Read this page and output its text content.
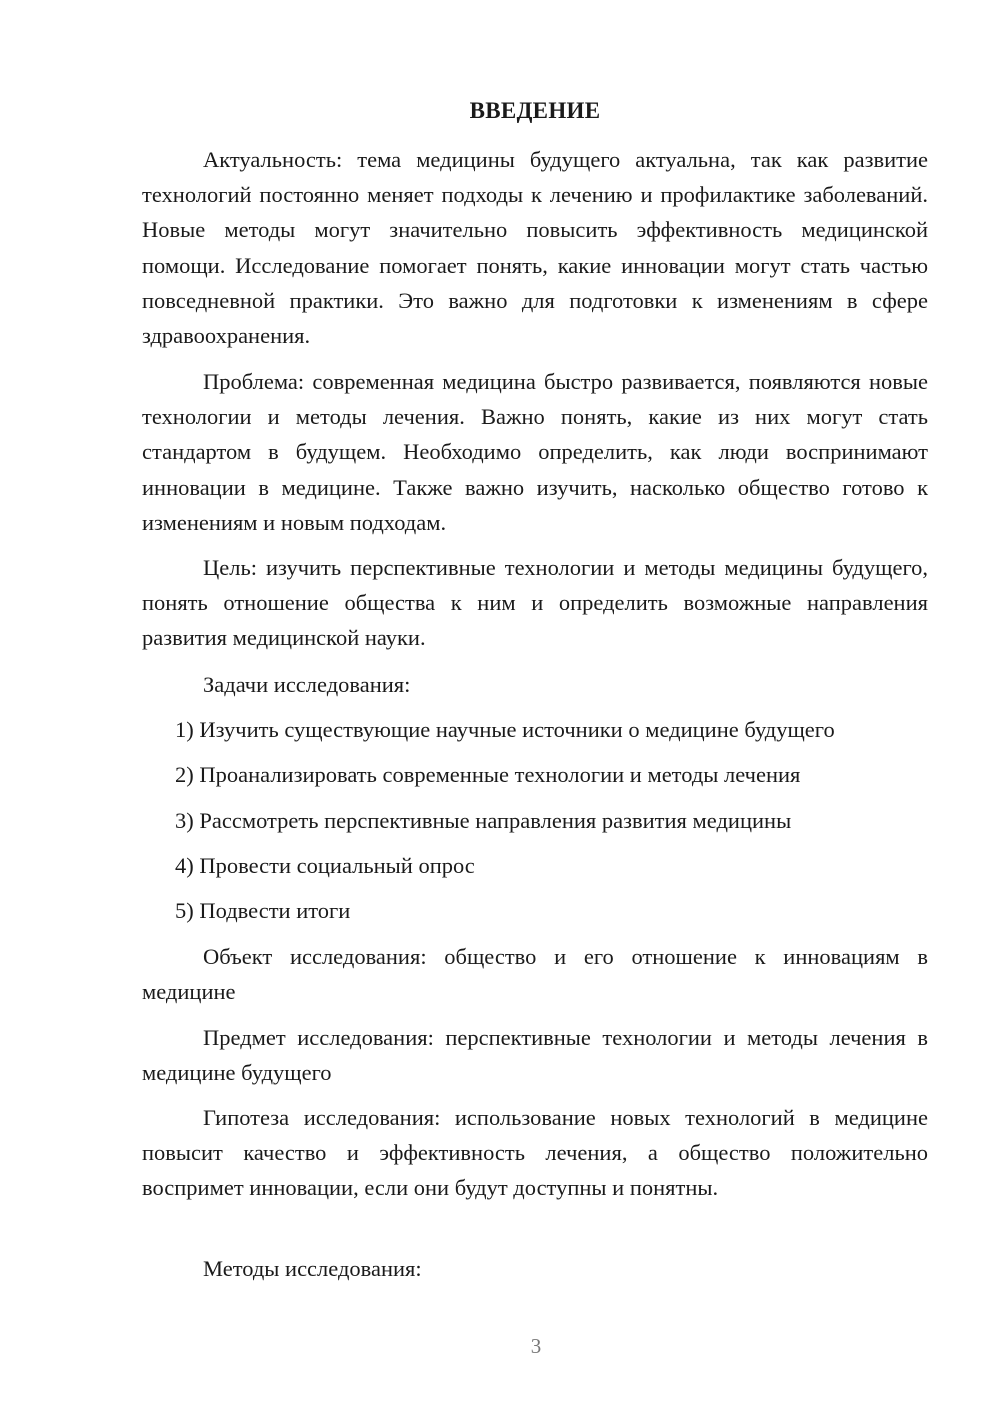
ВВЕДЕНИЕ

Актуальность: тема медицины будущего актуальна, так как развитие технологий постоянно меняет подходы к лечению и профилактике заболеваний. Новые методы могут значительно повысить эффективность медицинской помощи. Исследование помогает понять, какие инновации могут стать частью повседневной практики. Это важно для подготовки к изменениям в сфере здравоохранения.

Проблема: современная медицина быстро развивается, появляются новые технологии и методы лечения. Важно понять, какие из них могут стать стандартом в будущем. Необходимо определить, как люди воспринимают инновации в медицине. Также важно изучить, насколько общество готово к изменениям и новым подходам.

Цель: изучить перспективные технологии и методы медицины будущего, понять отношение общества к ним и определить возможные направления развития медицинской науки.

Задачи исследования:

1) Изучить существующие научные источники о медицине будущего

2) Проанализировать современные технологии и методы лечения

3) Рассмотреть перспективные направления развития медицины

4) Провести социальный опрос

5) Подвести итоги

Объект исследования: общество и его отношение к инновациям в медицине

Предмет исследования: перспективные технологии и методы лечения в медицине будущего

Гипотеза исследования: использование новых технологий в медицине повысит качество и эффективность лечения, а общество положительно воспримет инновации, если они будут доступны и понятны.

Методы исследования:

3
